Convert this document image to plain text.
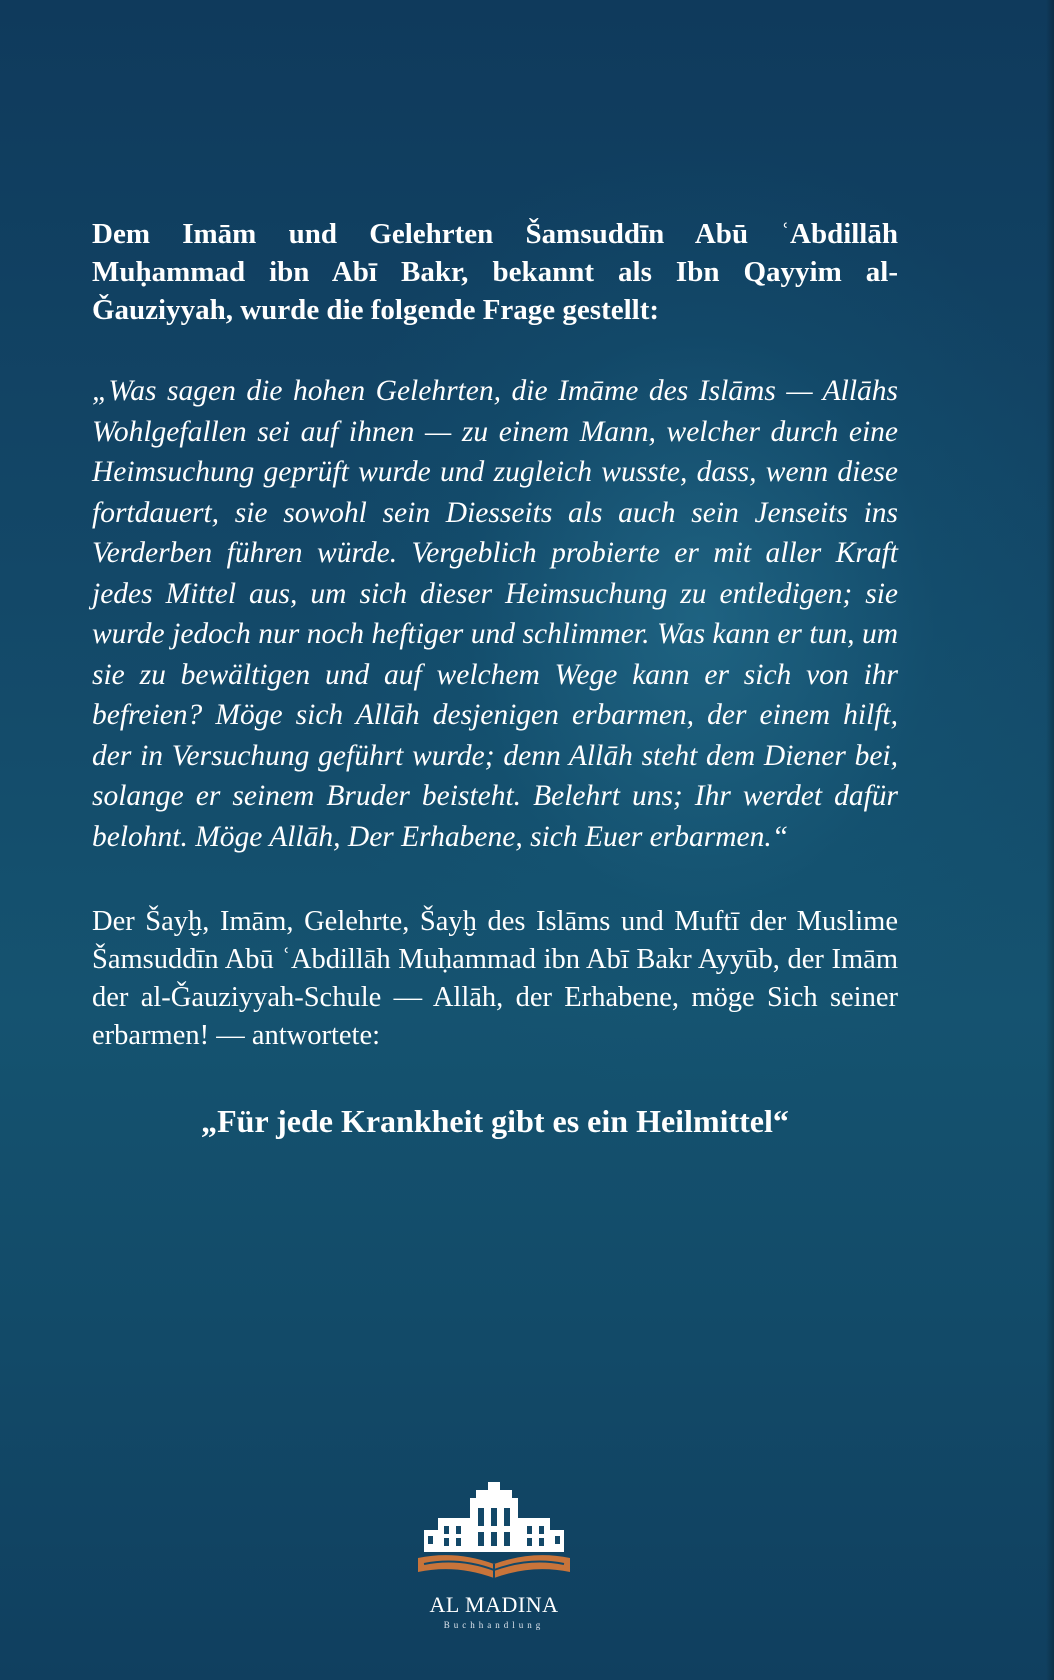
Dem Imām und Gelehrten Šamsuddīn Abū ʿAbdillāh Muḥammad ibn Abī Bakr, bekannt als Ibn Qayyim al-Ǧauziyyah, wurde die folgende Frage gestellt:

„Was sagen die hohen Gelehrten, die Imāme des Islāms — Allāhs Wohlgefallen sei auf ihnen — zu einem Mann, welcher durch eine Heimsuchung geprüft wurde und zugleich wusste, dass, wenn diese fortdauert, sie sowohl sein Diesseits als auch sein Jenseits ins Verderben führen würde. Vergeblich probierte er mit aller Kraft jedes Mittel aus, um sich dieser Heimsuchung zu entledigen; sie wurde jedoch nur noch heftiger und schlimmer. Was kann er tun, um sie zu bewältigen und auf welchem Wege kann er sich von ihr befreien? Möge sich Allāh desjenigen erbarmen, der einem hilft, der in Versuchung geführt wurde; denn Allāh steht dem Diener bei, solange er seinem Bruder beisteht. Belehrt uns; Ihr werdet dafür belohnt. Möge Allāh, Der Erhabene, sich Euer erbarmen.“

Der Šayḫ, Imām, Gelehrte, Šayḫ des Islāms und Muftī der Muslime Šamsuddīn Abū ʿAbdillāh Muḥammad ibn Abī Bakr Ayyūb, der Imām der al-Ǧauziyyah-Schule — Allāh, der Erhabene, möge Sich seiner erbarmen! — antwortete:

„Für jede Krankheit gibt es ein Heilmittel“

AL MADINA
Buchhandlung
